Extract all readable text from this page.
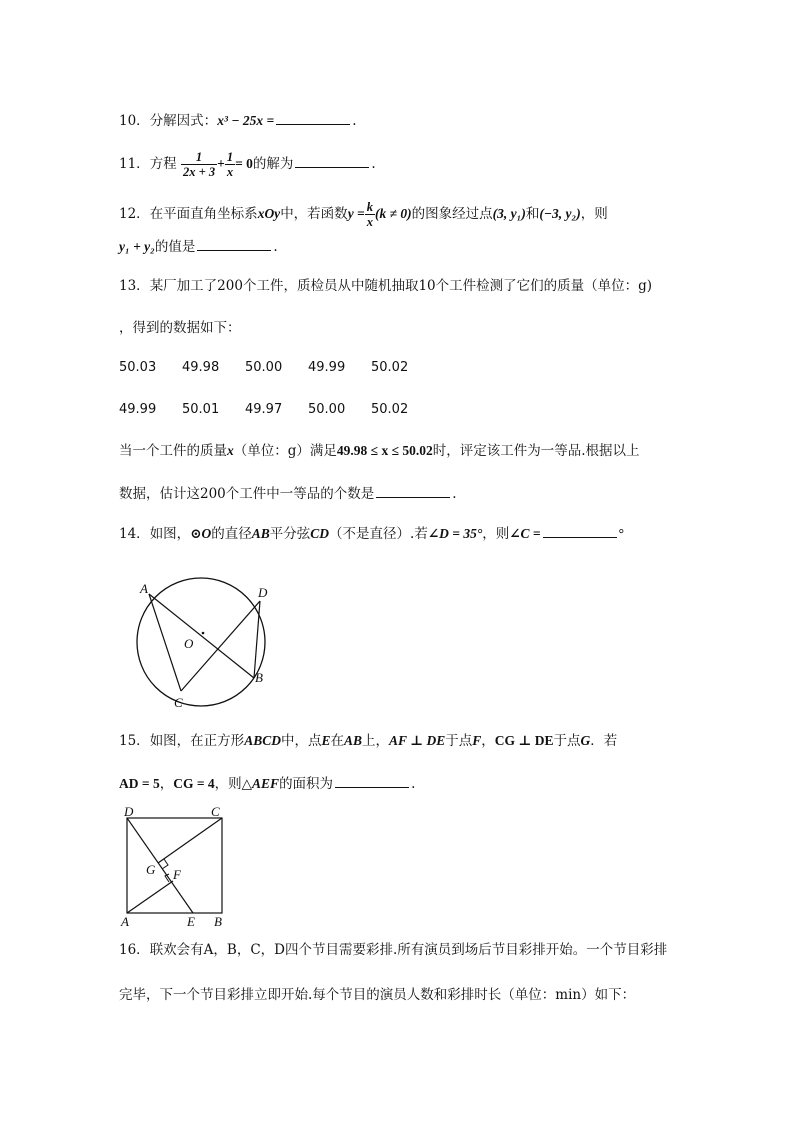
10．分解因式：x³ − 25x =	.
11．方程 $\frac{1}{2x + 3} + \frac{1}{x} = 0$的解为	.
12．在平面直角坐标系xOy中，若函数$y = \frac{k}{x} (k \ne 0)$的图象经过点(3, y₁)和(−3, y₂)，则
y₁ + y₂的值是	.
13．某厂加工了200个工件，质检员从中随机抽取10个工件检测了它们的质量（单位：g)
，得到的数据如下：
50.03 49.98 50.00 49.99 50.02
49.99 50.01 49.97 50.00 50.02
当一个工件的质量x（单位：g）满足49.98 ≤ x ≤ 50.02时，评定该工件为一等品.根据以上
数据，估计这200个工件中一等品的个数是	.
14．如图，⊙O的直径AB平分弦CD（不是直径）.若∠D = 35°，则∠C =	°
A	D
O
B
C
15．如图，在正方形ABCD中，点E在AB上，AF ⊥ DE于点F，CG ⊥ DE于点G．若
AD = 5，CG = 4，则△AEF的面积为	.
D	C
G F
A	E B
16．联欢会有A，B，C，D四个节目需要彩排.所有演员到场后节目彩排开始。一个节目彩排
完毕，下一个节目彩排立即开始.每个节目的演员人数和彩排时长（单位：min）如下：
